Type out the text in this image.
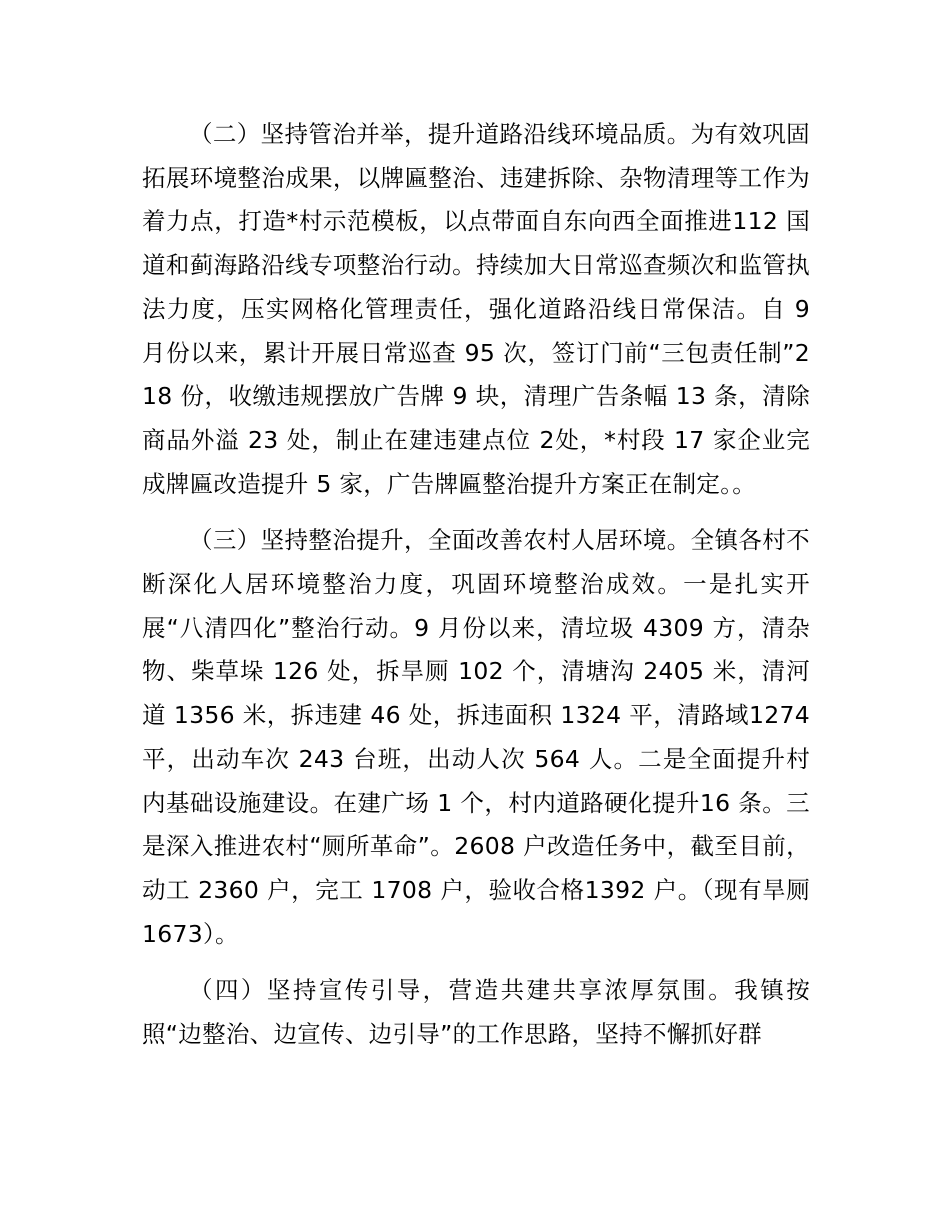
（二）坚持管治并举，提升道路沿线环境品质。为有效巩固拓展环境整治成果，以牌匾整治、违建拆除、杂物清理等工作为着力点，打造*村示范模板，以点带面自东向西全面推进112 国道和蓟海路沿线专项整治行动。持续加大日常巡查频次和监管执法力度，压实网格化管理责任，强化道路沿线日常保洁。自 9 月份以来，累计开展日常巡查 95 次，签订门前“三包责任制”218 份，收缴违规摆放广告牌 9 块，清理广告条幅 13 条，清除商品外溢 23 处，制止在建违建点位 2处，*村段 17 家企业完成牌匾改造提升 5 家，广告牌匾整治提升方案正在制定。。

（三）坚持整治提升，全面改善农村人居环境。全镇各村不断深化人居环境整治力度，巩固环境整治成效。一是扎实开展“八清四化”整治行动。9 月份以来，清垃圾 4309 方，清杂物、柴草垛 126 处，拆旱厕 102 个，清塘沟 2405 米，清河道 1356 米，拆违建 46 处，拆违面积 1324 平，清路域1274 平，出动车次 243 台班，出动人次 564 人。二是全面提升村内基础设施建设。在建广场 1 个，村内道路硬化提升16 条。三是深入推进农村“厕所革命”。2608 户改造任务中，截至目前，动工 2360 户，完工 1708 户，验收合格1392 户。（现有旱厕 1673）。

（四）坚持宣传引导，营造共建共享浓厚氛围。我镇按照“边整治、边宣传、边引导”的工作思路，坚持不懈抓好群
